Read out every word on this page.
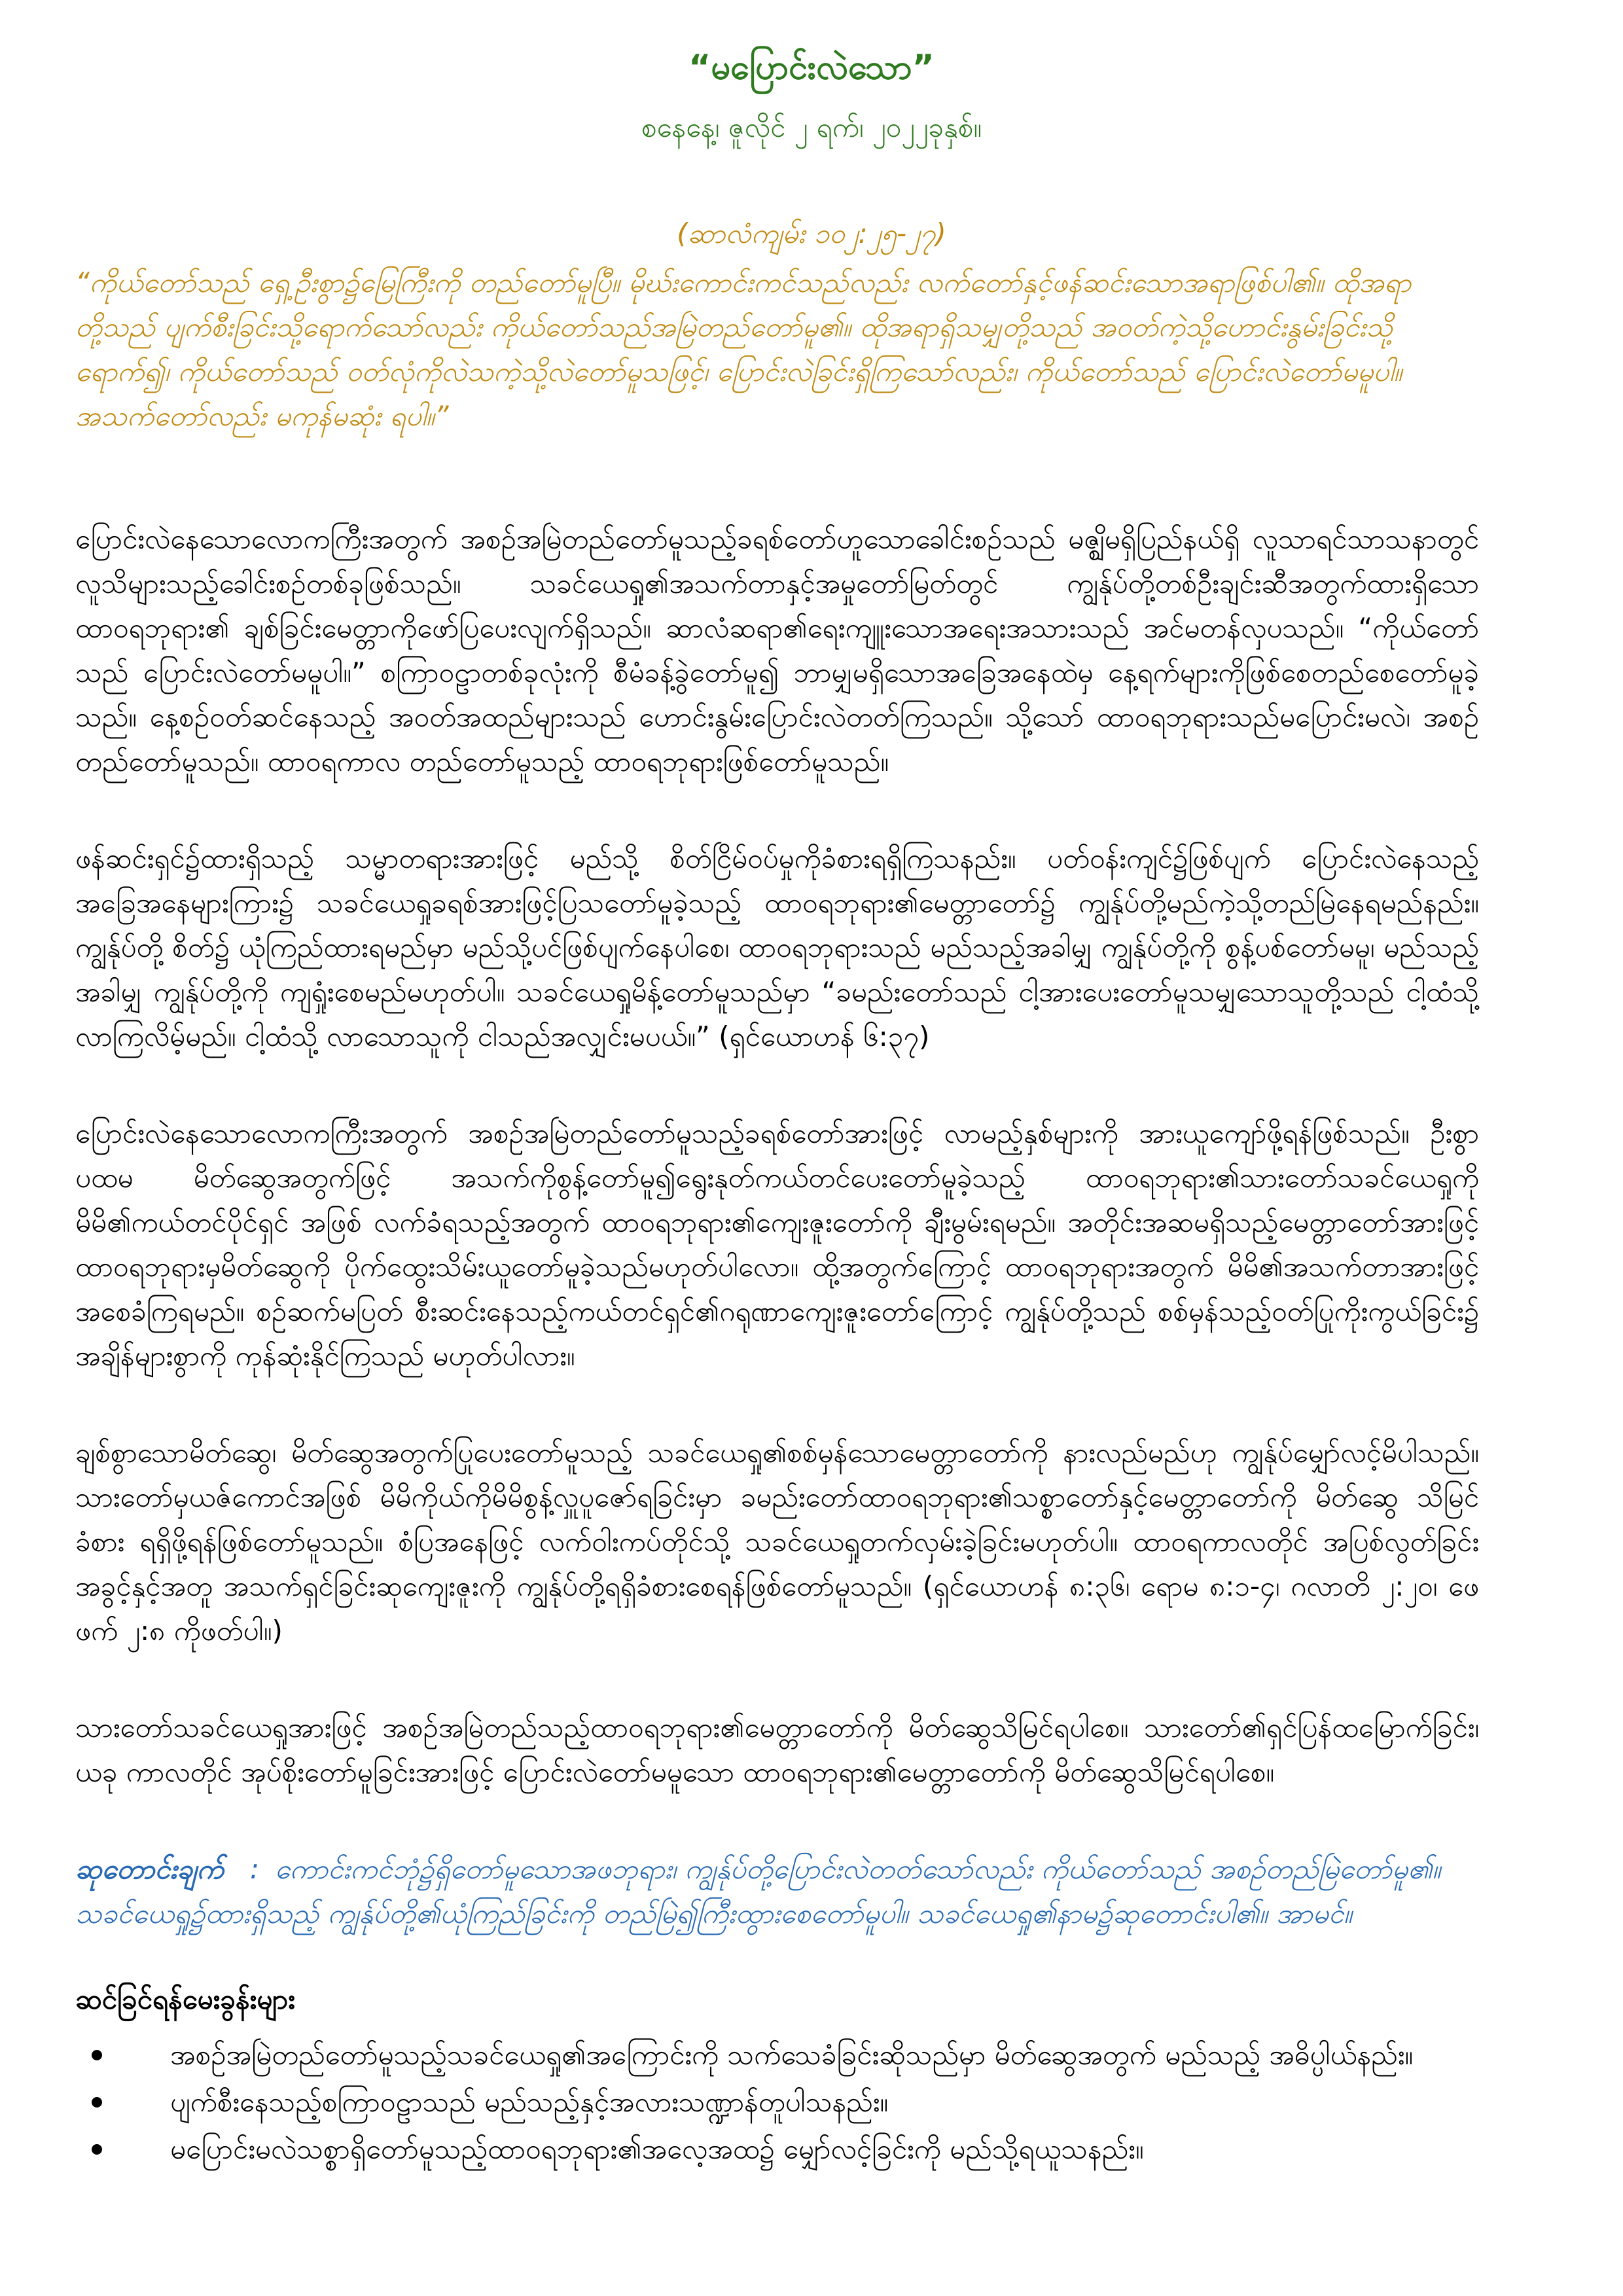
“မပြောင်းလဲသော”

စနေနေ့၊ ဇူလိုင် ၂ ရက်၊ ၂၀၂၂ခုနှစ်။

(ဆာလံကျမ်း ၁၀၂:၂၅-၂၇)

“ကိုယ်တော်သည် ရှေ့ဦးစွာ၌မြေကြီးကို တည်တော်မူပြီ။ မိုဃ်းကောင်းကင်သည်လည်း လက်တော်နှင့်ဖန်ဆင်းသောအရာဖြစ်ပါ၏။ ထိုအရာတို့သည် ပျက်စီးခြင်းသို့ရောက်သော်လည်း ကိုယ်တော်သည်အမြဲတည်တော်မူ၏။ ထိုအရာရှိသမျှတို့သည် အဝတ်ကဲ့သို့ဟောင်းနွမ်းခြင်းသို့ရောက်၍၊ ကိုယ်တော်သည် ဝတ်လုံကိုလဲသကဲ့သို့လဲတော်မူသဖြင့်၊ ပြောင်းလဲခြင်းရှိကြသော်လည်း၊ ကိုယ်တော်သည် ပြောင်းလဲတော်မမူပါ။ အသက်တော်လည်း မကုန်မဆုံး ရပါ။”

ပြောင်းလဲနေသောလောကကြီးအတွက် အစဉ်အမြဲတည်တော်မူသည့်ခရစ်တော်ဟူသောခေါင်းစဉ်သည် မဇ္ဈိမရှိပြည်နယ်ရှိ လူသာရင်သာသနာတွင် လူသိများသည့်ခေါင်းစဉ်တစ်ခုဖြစ်သည်။ သခင်ယေရှု၏အသက်တာနှင့်အမှုတော်မြတ်တွင် ကျွန်ုပ်တို့တစ်ဦးချင်းဆီအတွက်ထားရှိသော ထာဝရဘုရား၏ ချစ်ခြင်းမေတ္တာကိုဖော်ပြပေးလျက်ရှိသည်။ ဆာလံဆရာ၏ရေးကျူးသောအရေးအသားသည် အင်မတန်လှပသည်။ “ကိုယ်တော်သည် ပြောင်းလဲတော်မမူပါ။” စကြာဝဠာတစ်ခုလုံးကို စီမံခန့်ခွဲတော်မူ၍ ဘာမျှမရှိသောအခြေအနေထဲမှ နေ့ရက်များကိုဖြစ်စေတည်စေတော်မူခဲ့သည်။ နေ့စဉ်ဝတ်ဆင်နေသည့် အဝတ်အထည်များသည် ဟောင်းနွမ်းပြောင်းလဲတတ်ကြသည်။ သို့သော် ထာဝရဘုရားသည်မပြောင်းမလဲ၊ အစဉ်တည်တော်မူသည်။ ထာဝရကာလ တည်တော်မူသည့် ထာဝရဘုရားဖြစ်တော်မူသည်။

ဖန်ဆင်းရှင်၌ထားရှိသည့် သမ္မာတရားအားဖြင့် မည်သို့ စိတ်ငြိမ်ဝပ်မှုကိုခံစားရရှိကြသနည်း။ ပတ်ဝန်းကျင်၌ဖြစ်ပျက် ပြောင်းလဲနေသည့်အခြေအနေများကြား၌ သခင်ယေရှုခရစ်အားဖြင့်ပြသတော်မူခဲ့သည့် ထာဝရဘုရား၏မေတ္တာတော်၌ ကျွန်ုပ်တို့မည်ကဲ့သို့တည်မြဲနေရမည်နည်း။ ကျွန်ုပ်တို့ စိတ်၌ ယုံကြည်ထားရမည်မှာ မည်သို့ပင်ဖြစ်ပျက်နေပါစေ၊ ထာဝရဘုရားသည် မည်သည့်အခါမျှ ကျွန်ုပ်တို့ကို စွန့်ပစ်တော်မမူ၊ မည်သည့်အခါမျှ ကျွန်ုပ်တို့ကို ကျရှုံးစေမည်မဟုတ်ပါ။ သခင်ယေရှုမိန့်တော်မူသည်မှာ “ခမည်းတော်သည် ငါ့အားပေးတော်မူသမျှသောသူတို့သည် ငါ့ထံသို့လာကြလိမ့်မည်။ ငါ့ထံသို့ လာသောသူကို ငါသည်အလျှင်းမပယ်။” (ရှင်ယောဟန် ၆:၃၇)

ပြောင်းလဲနေသောလောကကြီးအတွက် အစဉ်အမြဲတည်တော်မူသည့်ခရစ်တော်အားဖြင့် လာမည့်နှစ်များကို အားယူကျော်ဖို့ရန်ဖြစ်သည်။ ဦးစွာပထမ မိတ်ဆွေအတွက်ဖြင့် အသက်ကိုစွန့်တော်မူ၍ရွေးနုတ်ကယ်တင်ပေးတော်မူခဲ့သည့် ထာဝရဘုရား၏သားတော်သခင်ယေရှုကို မိမိ၏ကယ်တင်ပိုင်ရှင် အဖြစ် လက်ခံရသည့်အတွက် ထာဝရဘုရား၏ကျေးဇူးတော်ကို ချီးမွမ်းရမည်။ အတိုင်းအဆမရှိသည့်မေတ္တာတော်အားဖြင့် ထာဝရဘုရားမှမိတ်ဆွေကို ပိုက်ထွေးသိမ်းယူတော်မူခဲ့သည်မဟုတ်ပါလော။ ထို့အတွက်ကြောင့် ထာဝရဘုရားအတွက် မိမိ၏အသက်တာအားဖြင့် အစေခံကြရမည်။ စဉ်ဆက်မပြတ် စီးဆင်းနေသည့်ကယ်တင်ရှင်၏ဂရုဏာကျေးဇူးတော်ကြောင့် ကျွန်ုပ်တို့သည် စစ်မှန်သည့်ဝတ်ပြုကိုးကွယ်ခြင်း၌ အချိန်များစွာကို ကုန်ဆုံးနိုင်ကြသည် မဟုတ်ပါလား။

ချစ်စွာသောမိတ်ဆွေ၊ မိတ်ဆွေအတွက်ပြုပေးတော်မူသည့် သခင်ယေရှု၏စစ်မှန်သောမေတ္တာတော်ကို နားလည်မည်ဟု ကျွန်ုပ်မျှော်လင့်မိပါသည်။ သားတော်မှယဇ်ကောင်အဖြစ် မိမိကိုယ်ကိုမိမိစွန့်လှူပူဇော်ရခြင်းမှာ ခမည်းတော်ထာဝရဘုရား၏သစ္စာတော်နှင့်မေတ္တာတော်ကို မိတ်ဆွေ သိမြင်ခံစား ရရှိဖို့ရန်ဖြစ်တော်မူသည်။ စံပြအနေဖြင့် လက်ဝါးကပ်တိုင်သို့ သခင်ယေရှုတက်လှမ်းခဲ့ခြင်းမဟုတ်ပါ။ ထာဝရကာလတိုင် အပြစ်လွတ်ခြင်းအခွင့်နှင့်အတူ အသက်ရှင်ခြင်းဆုကျေးဇူးကို ကျွန်ုပ်တို့ရရှိခံစားစေရန်ဖြစ်တော်မူသည်။ (ရှင်ယောဟန် ၈:၃၆၊ ရောမ ၈:၁-၄၊ ဂလာတိ ၂:၂၀၊ ဖေဖက် ၂:၈ ကိုဖတ်ပါ။)

သားတော်သခင်ယေရှုအားဖြင့် အစဉ်အမြဲတည်သည့်ထာဝရဘုရား၏မေတ္တာတော်ကို မိတ်ဆွေသိမြင်ရပါစေ။ သားတော်၏ရှင်ပြန်ထမြောက်ခြင်း၊ ယခု ကာလတိုင် အုပ်စိုးတော်မူခြင်းအားဖြင့် ပြောင်းလဲတော်မမူသော ထာဝရဘုရား၏မေတ္တာတော်ကို မိတ်ဆွေသိမြင်ရပါစေ။

ဆုတောင်းချက် : ကောင်းကင်ဘုံ၌ရှိတော်မူသောအဖဘုရား၊ ကျွန်ုပ်တို့ပြောင်းလဲတတ်သော်လည်း ကိုယ်တော်သည် အစဉ်တည်မြဲတော်မူ၏။ သခင်ယေရှု၌ထားရှိသည့် ကျွန်ုပ်တို့၏ယုံကြည်ခြင်းကို တည်မြဲ၍ကြီးထွားစေတော်မူပါ။ သခင်ယေရှု၏နာမ၌ဆုတောင်းပါ၏။ အာမင်။

ဆင်ခြင်ရန်မေးခွန်းများ
အစဉ်အမြဲတည်တော်မူသည့်သခင်ယေရှု၏အကြောင်းကို သက်သေခံခြင်းဆိုသည်မှာ မိတ်ဆွေအတွက် မည်သည့် အဓိပ္ပါယ်နည်း။
ပျက်စီးနေသည့်စကြာဝဠာသည် မည်သည့်နှင့်အလားသဏ္ဍာန်တူပါသနည်း။
မပြောင်းမလဲသစ္စာရှိတော်မူသည့်ထာဝရဘုရား၏အလေ့အထ၌ မျှော်လင့်ခြင်းကို မည်သို့ရယူသနည်း။
